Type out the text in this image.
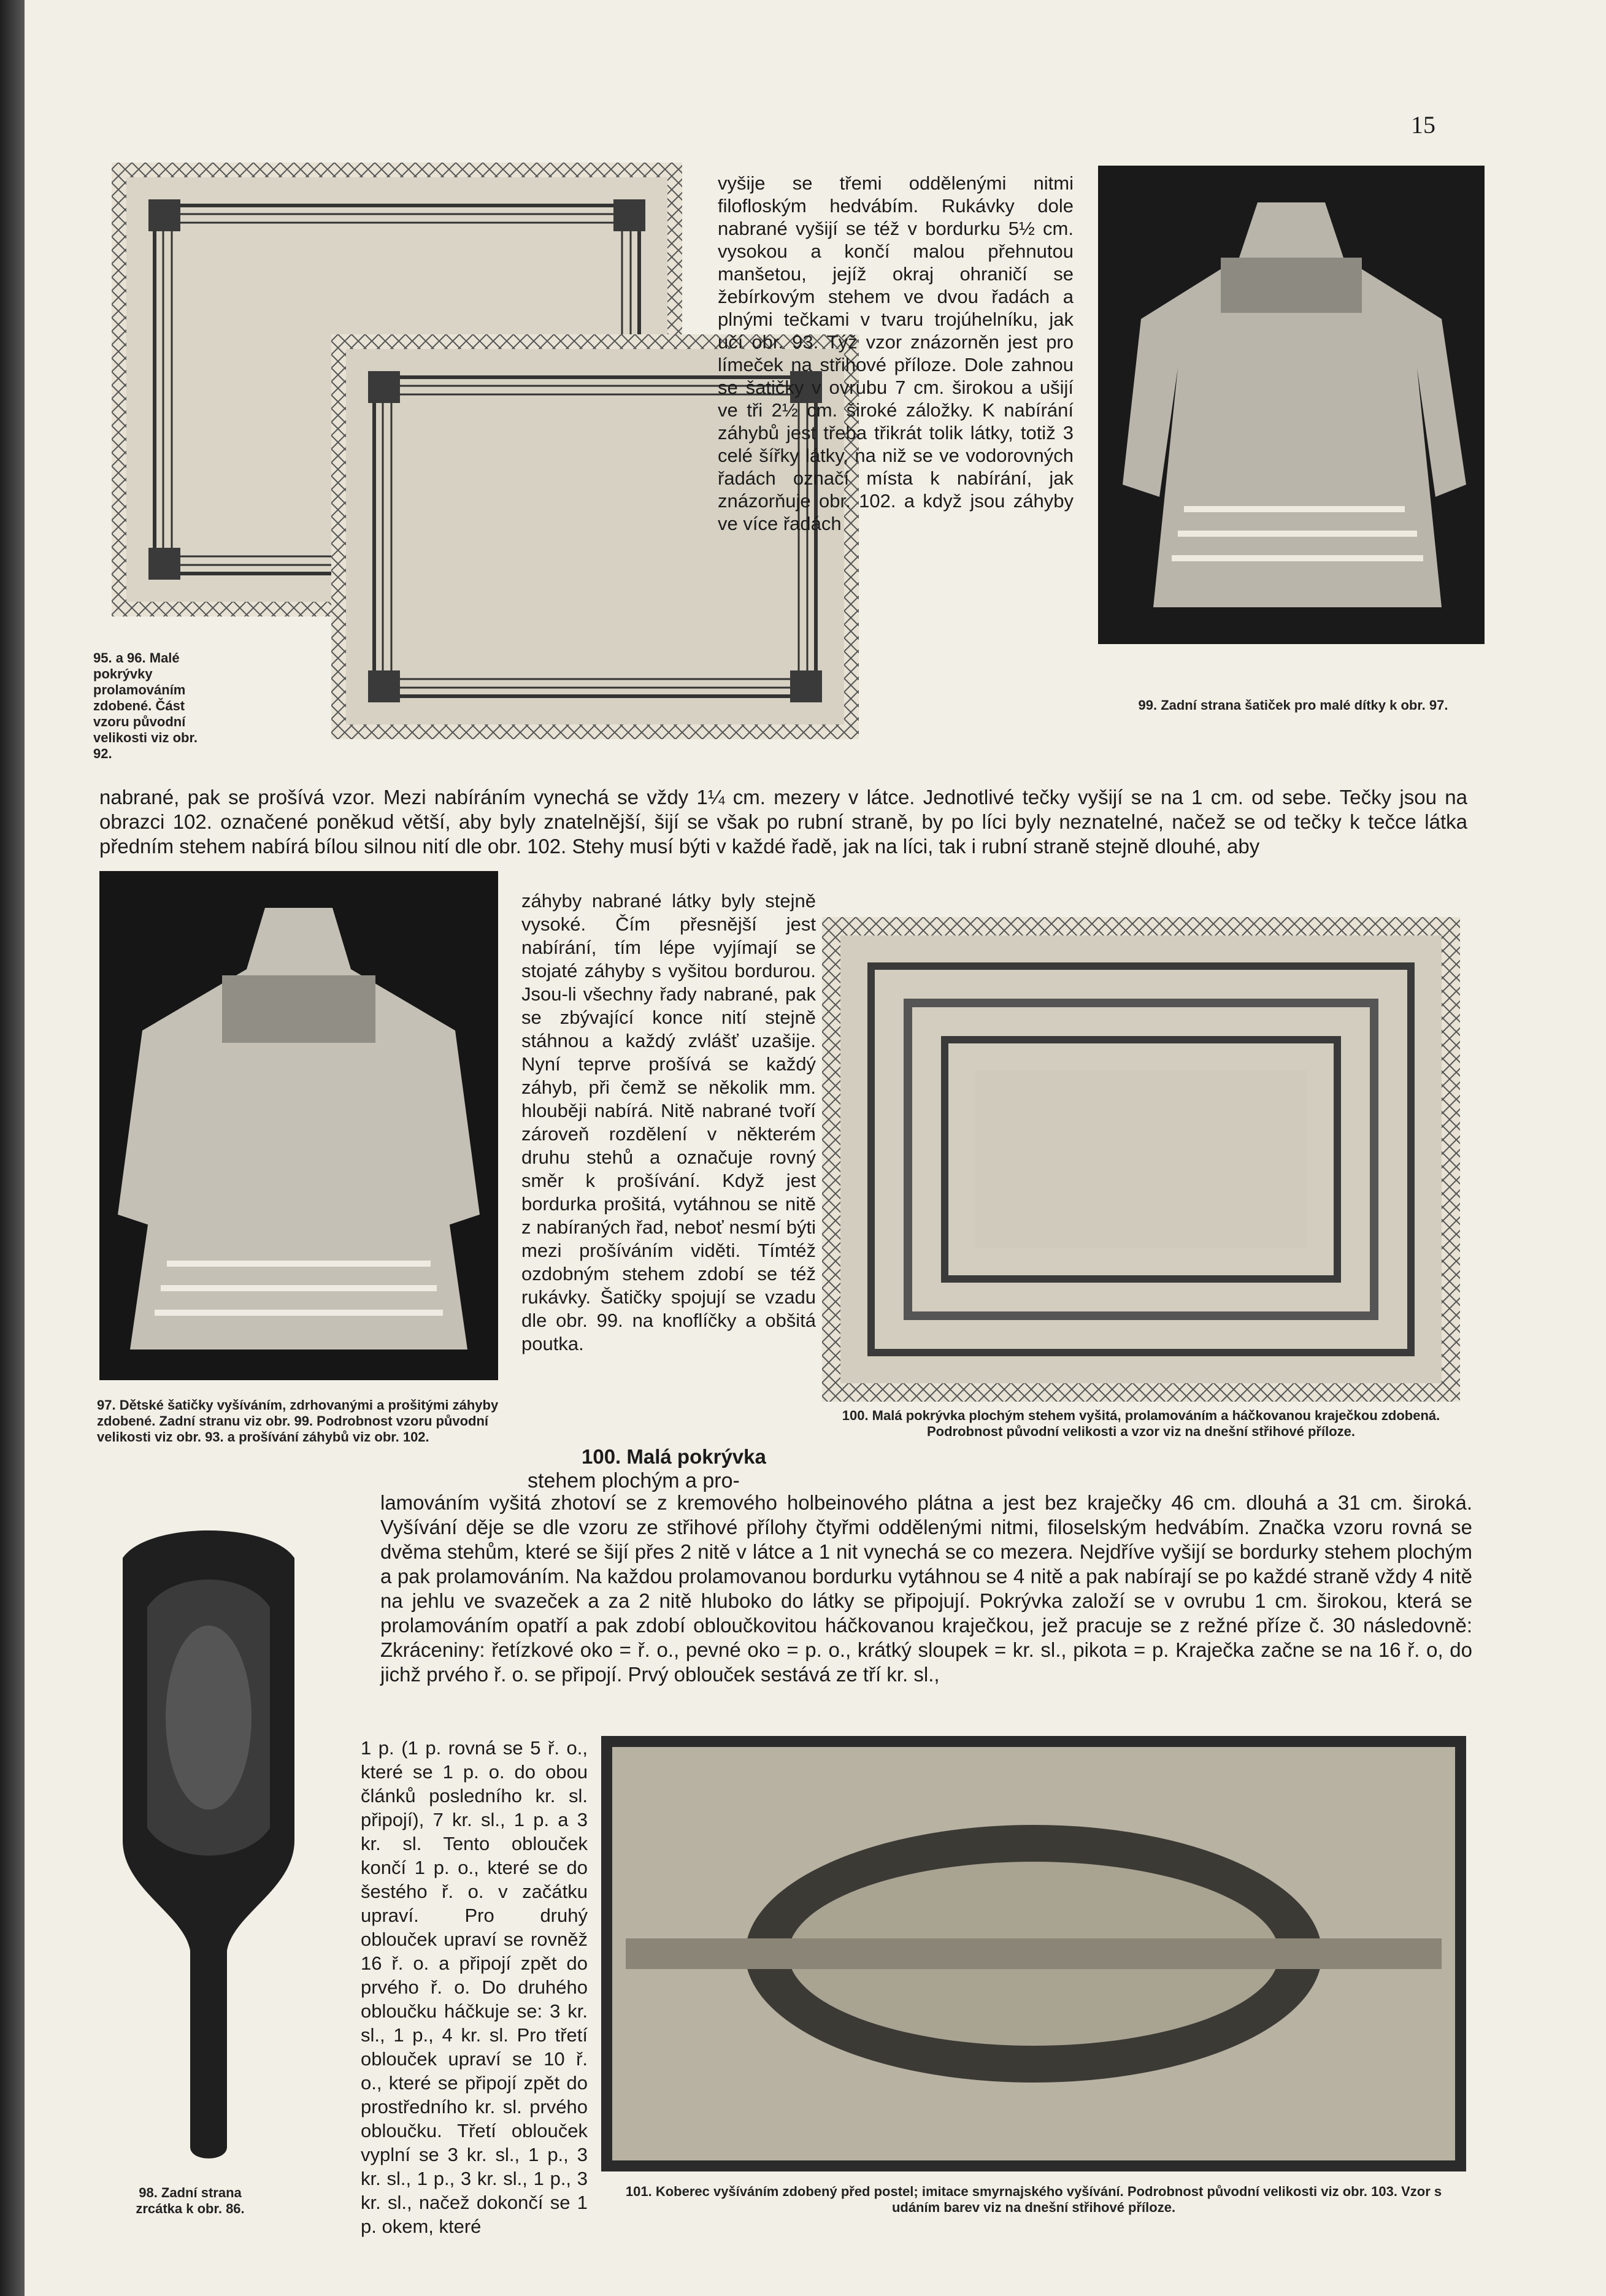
15
95. a 96. Malé pokrývky prolamováním zdobené. Část vzoru původní velikosti viz obr. 92.
99. Zadní strana šatiček pro malé dítky k obr. 97.
vyšije se třemi oddělenými nitmi filofloským hedvábím. Rukávky dole nabrané vyšijí se též v bordurku 5½ cm. vysokou a končí malou přehnutou manšetou, jejíž okraj ohraničí se žebírkovým stehem ve dvou řadách a plnými tečkami v tvaru trojúhelníku, jak učí obr. 93. Týž vzor znázorněn jest pro límeček na střihové příloze. Dole zahnou se šatičky v ovrubu 7 cm. širokou a ušijí ve tři 2½ cm. široké záložky. K nabírání záhybů jest třeba třikrát tolik látky, totiž 3 celé šířky látky, na niž se ve vodorovných řadách označí místa k nabírání, jak znázorňuje obr. 102. a když jsou záhyby ve více řadách
nabrané, pak se prošívá vzor. Mezi nabíráním vynechá se vždy 1¼ cm. mezery v látce. Jednotlivé tečky vyšijí se na 1 cm. od sebe. Tečky jsou na obrazci 102. označené poněkud větší, aby byly znatelnější, šijí se však po rubní straně, by po líci byly neznatelné, načež se od tečky k tečce látka předním stehem nabírá bílou silnou nití dle obr. 102. Stehy musí býti v každé řadě, jak na líci, tak i rubní straně stejně dlouhé, aby
97. Dětské šatičky vyšíváním, zdrhovanými a prošitými záhyby zdobené. Zadní stranu viz obr. 99. Podrobnost vzoru původní velikosti viz obr. 93. a prošívání záhybů viz obr. 102.
záhyby nabrané látky byly stejně vysoké. Čím přesnější jest nabírání, tím lépe vyjímají se stojaté záhyby s vyšitou bordurou. Jsou-li všechny řady nabrané, pak se zbývající konce nití stejně stáhnou a každý zvlášť uzašije. Nyní teprve prošívá se každý záhyb, při čemž se několik mm. hlouběji nabírá. Nitě nabrané tvoří zároveň rozdělení v některém druhu stehů a označuje rovný směr k prošívání. Když jest bordurka prošitá, vytáhnou se nitě z nabíraných řad, neboť nesmí býti mezi prošíváním viděti. Tímtéž ozdobným stehem zdobí se též rukávky. Šatičky spojují se vzadu dle obr. 99. na knoflíčky a obšitá poutka.
100. Malá pokrývka
stehem plochým a pro-
100. Malá pokrývka plochým stehem vyšitá, prolamováním a háčkovanou kraječkou zdobená. Podrobnost původní velikosti a vzor viz na dnešní střihové příloze.
lamováním vyšitá zhotoví se z kremového holbeinového plátna a jest bez kraječky 46 cm. dlouhá a 31 cm. široká. Vyšívání děje se dle vzoru ze střihové přílohy čtyřmi oddělenými nitmi, filoselským hedvábím. Značka vzoru rovná se dvěma stehům, které se šijí přes 2 nitě v látce a 1 nit vynechá se co mezera. Nejdříve vyšijí se bordurky stehem plochým a pak prolamováním. Na každou prolamovanou bordurku vytáhnou se 4 nitě a pak nabírají se po každé straně vždy 4 nitě na jehlu ve svazeček a za 2 nitě hluboko do látky se připojují. Pokrývka založí se v ovrubu 1 cm. širokou, která se prolamováním opatří a pak zdobí obloučkovitou háčkovanou kraječkou, jež pracuje se z režné příze č. 30 následovně: Zkráceniny: řetízkové oko = ř. o., pevné oko = p. o., krátký sloupek = kr. sl., pikota = p. Kraječka začne se na 16 ř. o, do jichž prvého ř. o. se připojí. Prvý oblouček sestává ze tří kr. sl.,
98. Zadní strana zrcátka k obr. 86.
1 p. (1 p. rovná se 5 ř. o., které se 1 p. o. do obou článků posledního kr. sl. připojí), 7 kr. sl., 1 p. a 3 kr. sl. Tento oblouček končí 1 p. o., které se do šestého ř. o. v začátku upraví. Pro druhý oblouček upraví se rovněž 16 ř. o. a připojí zpět do prvého ř. o. Do druhého obloučku háčkuje se: 3 kr. sl., 1 p., 4 kr. sl. Pro třetí oblouček upraví se 10 ř. o., které se připojí zpět do prostředního kr. sl. prvého obloučku. Třetí oblouček vyplní se 3 kr. sl., 1 p., 3 kr. sl., 1 p., 3 kr. sl., 1 p., 3 kr. sl., načež dokončí se 1 p. okem, které
101. Koberec vyšíváním zdobený před postel; imitace smyrnajského vyšívání. Podrobnost původní velikosti viz obr. 103. Vzor s udáním barev viz na dnešní střihové příloze.
